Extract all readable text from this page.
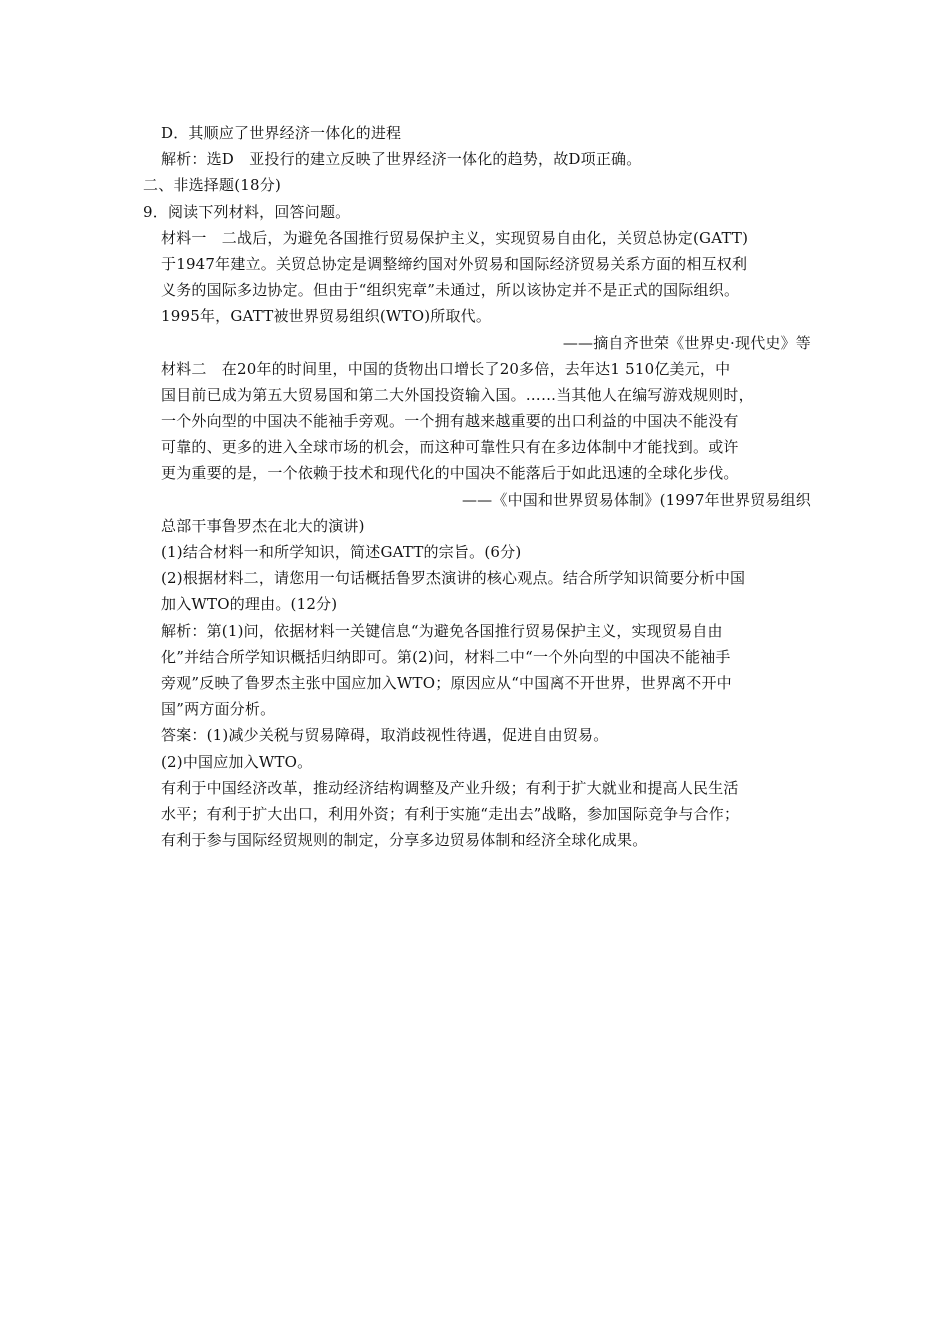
D．其顺应了世界经济一体化的进程
解析：选D　亚投行的建立反映了世界经济一体化的趋势，故D项正确。
二、非选择题(18分)
9．阅读下列材料，回答问题。
材料一　二战后，为避免各国推行贸易保护主义，实现贸易自由化，关贸总协定(GATT)
于1947年建立。关贸总协定是调整缔约国对外贸易和国际经济贸易关系方面的相互权利
义务的国际多边协定。但由于“组织宪章”未通过，所以该协定并不是正式的国际组织。
1995年，GATT被世界贸易组织(WTO)所取代。
——摘自齐世荣《世界史·现代史》等
材料二　在20年的时间里，中国的货物出口增长了20多倍，去年达1 510亿美元，中
国目前已成为第五大贸易国和第二大外国投资输入国。……当其他人在编写游戏规则时，
一个外向型的中国决不能袖手旁观。一个拥有越来越重要的出口利益的中国决不能没有
可靠的、更多的进入全球市场的机会，而这种可靠性只有在多边体制中才能找到。或许
更为重要的是，一个依赖于技术和现代化的中国决不能落后于如此迅速的全球化步伐。
——《中国和世界贸易体制》(1997年世界贸易组织
总部干事鲁罗杰在北大的演讲)
(1)结合材料一和所学知识，简述GATT的宗旨。(6分)
(2)根据材料二，请您用一句话概括鲁罗杰演讲的核心观点。结合所学知识简要分析中国
加入WTO的理由。(12分)
解析：第(1)问，依据材料一关键信息“为避免各国推行贸易保护主义，实现贸易自由
化”并结合所学知识概括归纳即可。第(2)问，材料二中“一个外向型的中国决不能袖手
旁观”反映了鲁罗杰主张中国应加入WTO；原因应从“中国离不开世界，世界离不开中
国”两方面分析。
答案：(1)减少关税与贸易障碍，取消歧视性待遇，促进自由贸易。
(2)中国应加入WTO。
有利于中国经济改革，推动经济结构调整及产业升级；有利于扩大就业和提高人民生活
水平；有利于扩大出口，利用外资；有利于实施“走出去”战略，参加国际竞争与合作；
有利于参与国际经贸规则的制定，分享多边贸易体制和经济全球化成果。
